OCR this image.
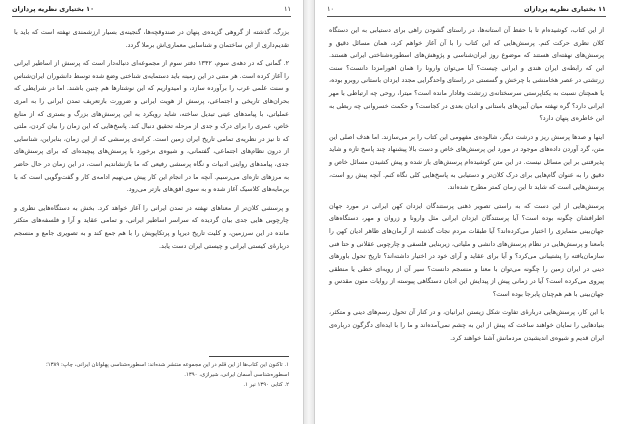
۱۱
۱۰ بختیاری نظریه پردازان

بزرگ، گذشته از گروهی گزیده‌ی پنهان در صندوقچه‌ها، گنجینه‌ی بسیار ارزشمندی نهفته است که باید با تقدیم‌داری از این ساختمان و شناسایی معماری‌اش برملا گردد.

۲. گمانی که در دهه‌ی سوم، ۱۳۴۲ دفتر سوم از مجموعه‌ای دنباله‌دار است که پرسش از اساطیر ایرانی را آغاز کرده است. هر متنی در این زمینه باید دستمایه‌ی شناختی وضع شده توسط دانشوران ایران‌شناس و سنت علمی غرب را برآورده سازد، و امیدواریم که این نوشتارها هم چنین باشند. اما در شرایطی که بحران‌های تاریخی و اجتماعی، پرسش از هویت ایرانی و ضرورت بازتعریف تمدن ایرانی را به امری عملیاتی، با پیامدهای عینی تبدیل ساخته، شاید رویکرد به این پرسش‌های بزرگ و بستری که از منابع خاص، عمری را برای درک و جدی از مرحله تحقیق دنبال کند. پاسخ‌هایی که این زمان را بیان کردن، ملتی که تا نیز در نظریه‌ی تمامی تاریخ ایران زمین است. کرانه‌ی پرسشی که از این زمان، بنابراین، شناسایی از درون نظام‌های اجتماعی، گفتمانی، و شیوه‌ی برخورد با پرسش‌های پیچیده‌ای که برای پرسش‌های جدی، پیامدهای روایتی ادبیات و نگاه پرسشی رفیعی که ما بازنشاندیم است، در این زمان در حال حاضر به مرزهای تازه‌ای می‌رسیم. آنچه ما در انجام این کار پیش می‌نهیم ادامه‌ی کار و گفت‌وگویی است که با بن‌مایه‌های کلاسیک آغاز شده و به سوی افق‌های بازتر می‌رود.

و پرسشی کلان‌تر از معناهای نهفته در تمدن ایرانی را آغاز خواهد کرد. بخش به دستگاه‌هایی نظری و چارچوبی هایی جدی بیان گردیده که سراسر اساطیر ایرانی، و تمامی عقاید و آرا و فلسفه‌های متکثر مانده در این سرزمین، و کلیت تاریخ دیرپا و پرتکاپو‌یش را با هم جمع کند و به تصویری جامع و منسجم دربارۀی کیستی ایرانی و چیستی ایران دست یابد.

۱. تاکنون این کتاب‌ها از این قلم در این مجموعه منتشر شده‌اند: اسطوره‌شناسی پهلوانان ایرانی، چاپ: ۱۳۸۹؛ اسطوره‌شناسی آسمان ایرانی، شیرازی، ۱۳۹۰.
۲. کتابی ۱۳۹۰ نیر ۱.
۱۱ بختیاری نظریه پردازان
۱۰

از این کتاب، کوشیده‌ام تا با حفظ آن استانه‌ها، در راستای گشودن راهی برای دستیابی به این دستگاه کلان نظری حرکت کنم. پرسش‌هایی که این کتاب را با آن آغاز خواهم کرد، همان مسائل دقیق و پرسش‌های نهفته‌ای هستند که موضوع روز ایران‌شناسی و پژوهش‌های اسطوره‌شناختی ایرانی هستند. این که رابطه‌ی ایران هندی و ایرانی چیست؟ آیا می‌توان وارونا را همان اهورامزدا دانست؟ سنت زرتشتی در عصر هخامنشی با چرخش و گسستی در راستای واحدگرایی مجدد ایزدان باستانی روبرو بوده، یا همچنان نسبت به یکتاپرستی سرسختانه‌ی زرتشت وفادار مانده است؟ میترا، روحی چه ارتباطی با مهر ایرانی دارد؟ گره نهفته میان آیین‌های باستانی و ادیان بعدی در کجاست؟ و حکمت خسروانی چه ربطی به این خاطره‌ی پنهان دارد؟

اینها و صدها پرسش ریز و درشت دیگر، شالوده‌ی مفهومی این کتاب را بر می‌سازند. اما هدف اصلی این متن، گرد آوردن داده‌های موجود در مورد این پرسش‌های خاص و دست بالا پیشنهاد چند پاسخ تازه و شاید پذیرفتنی بر این مسائل نیست. در این متن کوشیده‌ام پرسش‌های باز شده و پیش کشیدن مسائل خاص و دقیق را به عنوان گام‌هایی برای درک کلان‌تر و دستیابی به پاسخ‌هایی کلی نگاه کنم. آنچه پیش رو است، پرسش‌هایی است که شاید تا این زمان کمتر مطرح شده‌اند.

پرسش‌هایی از این دست که به راستی تصویر ذهنی پرستندگان ایزدان کهن ایرانی در مورد جهان اطرافشان چگونه بوده است؟ آیا پرستندگان ایزدان ایرانی مثل وارونا و زروان و مهر، دستگاه‌های جهان‌بینی متمایزی را اختیار می‌کرده‌اند؟ آیا طبقات مردم نجات گذشته از آرمان‌های ظاهر ادیان کهن را با‌معنا و پرسش‌هایی در نظام پرسش‌های دانشی و ملیاتی، زیربنایی فلسفی و چارچوبی عقلانی و حتا فنی سازمان‌یافته را پشتیبانی می‌کرد؟ و آیا برای عقاید و آرای خود در اختیار داشته‌اند؟ تاریخ تحول باورهای دینی در ایران زمین را چگونه می‌توان با معنا و منسجم دانست؟ سیر آن از رویه‌ای خطی یا منطقی پیروی می‌کرده است؟ آیا در زمانی پیش از پیدایش این ادیان دستگاهی پیوسته از روایات متون مقدس و جهان‌بینی با هم هم‌چنان پابرجا بوده است؟

با این کار، پرسش‌هایی دربارۀی تفاوت شکل زیستن ایرانیان، و در کنار آن تحول رسم‌های دینی و متکثر، بنیادهایی را نمایان خواهند ساخت که پیش از این به چشم نمی‌آمده‌اند و ما را با ایده‌ای دگرگون درباره‌ی ایران قدیم و شیوه‌ی اندیشیدن مردمانش آشنا خواهند کرد.
